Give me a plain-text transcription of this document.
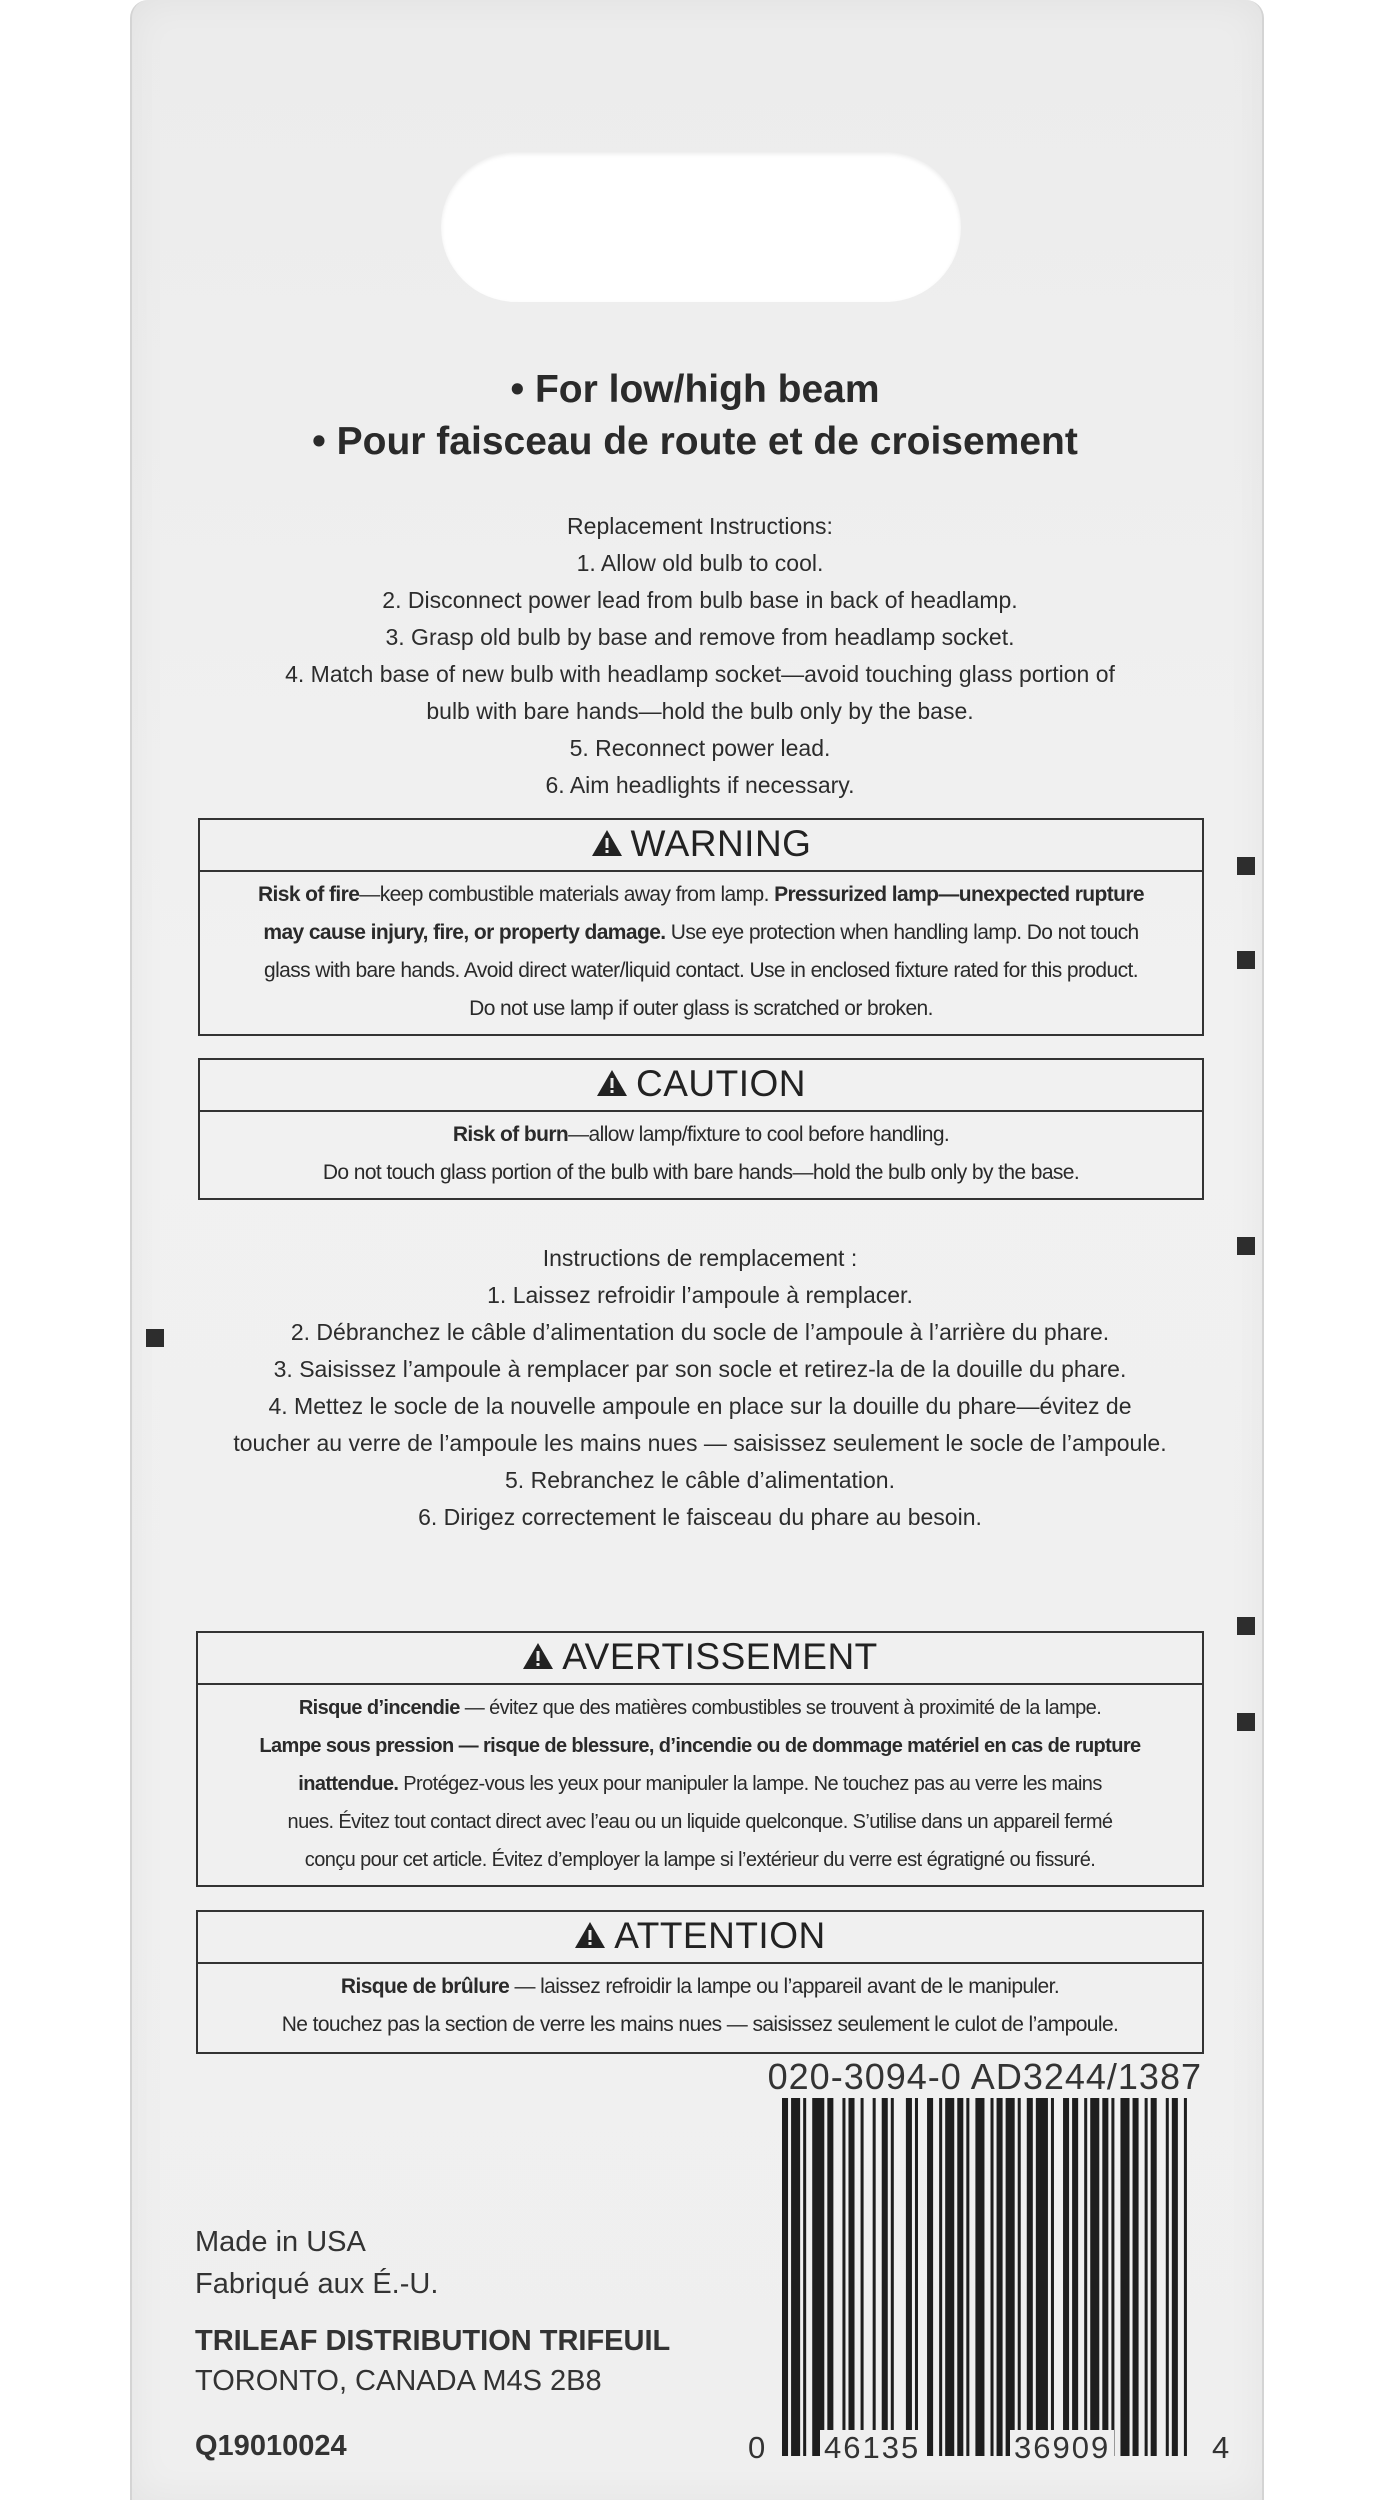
• For low/high beam
• Pour faisceau de route et de croisement
Replacement Instructions:
1. Allow old bulb to cool.
2. Disconnect power lead from bulb base in back of headlamp.
3. Grasp old bulb by base and remove from headlamp socket.
4. Match base of new bulb with headlamp socket—avoid touching glass portion of
bulb with bare hands—hold the bulb only by the base.
5. Reconnect power lead.
6. Aim headlights if necessary.
WARNING
Risk of fire—keep combustible materials away from lamp. Pressurized lamp—unexpected rupture
may cause injury, fire, or property damage. Use eye protection when handling lamp. Do not touch
glass with bare hands. Avoid direct water/liquid contact. Use in enclosed fixture rated for this product.
Do not use lamp if outer glass is scratched or broken.
CAUTION
Risk of burn—allow lamp/fixture to cool before handling.
Do not touch glass portion of the bulb with bare hands—hold the bulb only by the base.
Instructions de remplacement :
1. Laissez refroidir l’ampoule à remplacer.
2. Débranchez le câble d’alimentation du socle de l’ampoule à l’arrière du phare.
3. Saisissez l’ampoule à remplacer par son socle et retirez-la de la douille du phare.
4. Mettez le socle de la nouvelle ampoule en place sur la douille du phare—évitez de
toucher au verre de l’ampoule les mains nues — saisissez seulement le socle de l’ampoule.
5. Rebranchez le câble d’alimentation.
6. Dirigez correctement le faisceau du phare au besoin.
AVERTISSEMENT
Risque d’incendie — évitez que des matières combustibles se trouvent à proximité de la lampe.
Lampe sous pression — risque de blessure, d’incendie ou de dommage matériel en cas de rupture
inattendue. Protégez-vous les yeux pour manipuler la lampe. Ne touchez pas au verre les mains
nues. Évitez tout contact direct avec l’eau ou un liquide quelconque. S’utilise dans un appareil fermé
conçu pour cet article. Évitez d’employer la lampe si l’extérieur du verre est égratigné ou fissuré.
ATTENTION
Risque de brûlure — laissez refroidir la lampe ou l’appareil avant de le manipuler.
Ne touchez pas la section de verre les mains nues — saisissez seulement le culot de l’ampoule.
020-3094-0 AD3244/1387
0 46135	36909	4
Made in USA
Fabriqué aux É.-U.
TRILEAF DISTRIBUTION TRIFEUIL
TORONTO, CANADA M4S 2B8
Q19010024
